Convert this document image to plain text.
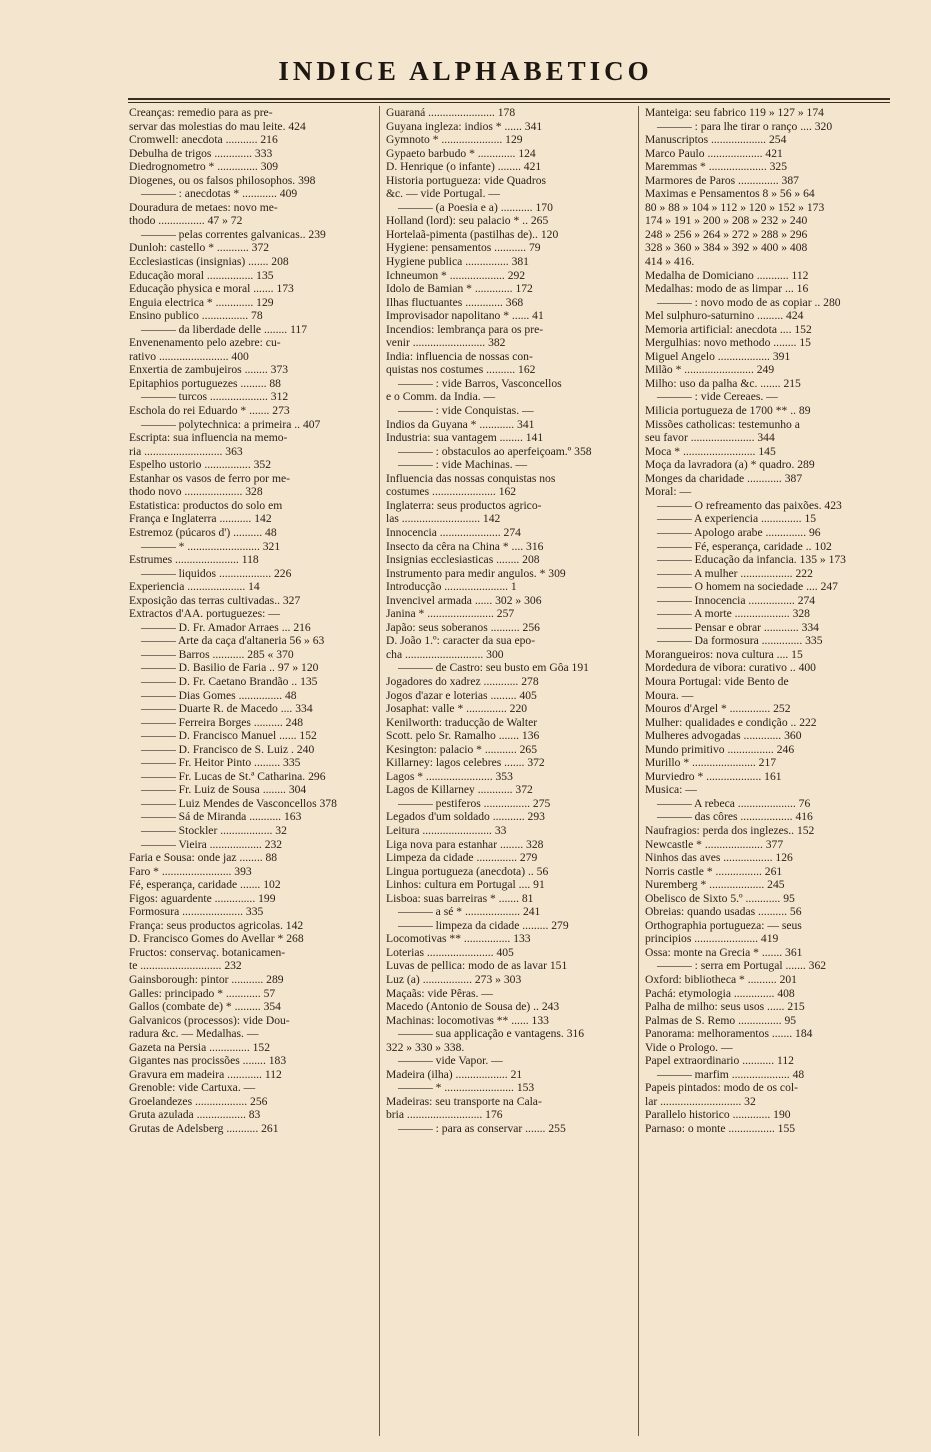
INDICE ALPHABETICO
Creanças: remedio para as pre-
servar das molestias do mau leite. 424
Cromwell: anecdota ........... 216
Debulha de trigos ............. 333
Diedrognometro * .............. 309
Diogenes, ou os falsos philosophos. 398
——— : anecdotas * ............ 409
Douradura de metaes: novo me-
thodo ................ 47 » 72
——— pelas correntes galvanicas.. 239
Dunloh: castello * ........... 372
Ecclesiasticas (insignias) ....... 208
Educação moral ................ 135
Educação physica e moral ....... 173
Enguia electrica * ............. 129
Ensino publico ................ 78
——— da liberdade delle ........ 117
Envenenamento pelo azebre: cu-
rativo ........................ 400
Enxertia de zambujeiros ........ 373
Epitaphios portuguezes ......... 88
——— turcos .................... 312
Eschola do rei Eduardo * ....... 273
——— polytechnica: a primeira .. 407
Escripta: sua influencia na memo-
ria ........................... 363
Espelho ustorio ................ 352
Estanhar os vasos de ferro por me-
thodo novo .................... 328
Estatistica: productos do solo em
França e Inglaterra ........... 142
Estremoz (púcaros d') .......... 48
——— * ......................... 321
Estrumes ...................... 118
——— liquidos .................. 226
Experiencia .................... 14
Exposição das terras cultivadas.. 327
Extractos d'AA. portuguezes: —
——— D. Fr. Amador Arraes ... 216
——— Arte da caça d'altaneria 56 » 63
——— Barros ........... 285 « 370
——— D. Basilio de Faria .. 97 » 120
——— D. Fr. Caetano Brandão .. 135
——— Dias Gomes ............... 48
——— Duarte R. de Macedo .... 334
——— Ferreira Borges .......... 248
——— D. Francisco Manuel ...... 152
——— D. Francisco de S. Luiz . 240
——— Fr. Heitor Pinto ......... 335
——— Fr. Lucas de St.ª Catharina. 296
——— Fr. Luiz de Sousa ........ 304
——— Luiz Mendes de Vasconcellos 378
——— Sá de Miranda ........... 163
——— Stockler .................. 32
——— Vieira .................. 232
Faria e Sousa: onde jaz ........ 88
Faro * ........................ 393
Fé, esperança, caridade ....... 102
Figos: aguardente .............. 199
Formosura ..................... 335
França: seus productos agricolas. 142
D. Francisco Gomes do Avellar * 268
Fructos: conservaç. botanicamen-
te ............................ 232
Gainsborough: pintor ........... 289
Galles: principado * ............ 57
Gallos (combate de) * ......... 354
Galvanicos (processos): vide Dou-
radura &c. — Medalhas. —
Gazeta na Persia .............. 152
Gigantes nas procissões ........ 183
Gravura em madeira ............ 112
Grenoble: vide Cartuxa. —
Groelandezes .................. 256
Gruta azulada ................. 83
Grutas de Adelsberg ........... 261
Guaraná ....................... 178
Guyana ingleza: indios * ...... 341
Gymnoto * ..................... 129
Gypaeto barbudo * ............. 124
D. Henrique (o infante) ........ 421
Historia portugueza: vide Quadros
&c. — vide Portugal. —
——— (a Poesia e a) ........... 170
Holland (lord): seu palacio * .. 265
Hortelaã-pimenta (pastilhas de).. 120
Hygiene: pensamentos ........... 79
Hygiene publica ............... 381
Ichneumon * ................... 292
Idolo de Bamian * ............. 172
Ilhas fluctuantes ............. 368
Improvisador napolitano * ...... 41
Incendios: lembrança para os pre-
venir ......................... 382
India: influencia de nossas con-
quistas nos costumes .......... 162
——— : vide Barros, Vasconcellos
e o Comm. da India. —
——— : vide Conquistas. —
Indios da Guyana * ............ 341
Industria: sua vantagem ........ 141
——— : obstaculos ao aperfeiçoam.º 358
——— : vide Machinas. —
Influencia das nossas conquistas nos
costumes ...................... 162
Inglaterra: seus productos agrico-
las ........................... 142
Innocencia ..................... 274
Insecto da cêra na China * .... 316
Insignias ecclesiasticas ........ 208
Instrumento para medir angulos. * 309
Introducção ...................... 1
Invencivel armada ...... 302 » 306
Janina * ....................... 257
Japão: seus soberanos .......... 256
D. João 1.º: caracter da sua epo-
cha ........................... 300
——— de Castro: seu busto em Gôa 191
Jogadores do xadrez ............ 278
Jogos d'azar e loterias ......... 405
Josaphat: valle * .............. 220
Kenilworth: traducção de Walter
Scott. pelo Sr. Ramalho ....... 136
Kesington: palacio * ........... 265
Killarney: lagos celebres ....... 372
Lagos * ....................... 353
Lagos de Killarney ............ 372
——— pestiferos ................ 275
Legados d'um soldado ........... 293
Leitura ........................ 33
Liga nova para estanhar ........ 328
Limpeza da cidade .............. 279
Lingua portugueza (anecdota) .. 56
Linhos: cultura em Portugal .... 91
Lisboa: suas barreiras * ....... 81
——— a sé * ................... 241
——— limpeza da cidade ......... 279
Locomotivas ** ................ 133
Loterias ....................... 405
Luvas de pellica: modo de as lavar 151
Luz (a) ................. 273 » 303
Maçaãs: vide Pêras. —
Macedo (Antonio de Sousa de) .. 243
Machinas: locomotivas ** ...... 133
——— sua applicação e vantagens. 316
322 » 330 » 338.
——— vide Vapor. —
Madeira (ilha) .................. 21
——— * ........................ 153
Madeiras: seu transporte na Cala-
bria .......................... 176
——— : para as conservar ....... 255
Manteiga: seu fabrico 119 » 127 » 174
——— : para lhe tirar o ranço .... 320
Manuscriptos ................... 254
Marco Paulo ................... 421
Maremmas * .................... 325
Marmores de Paros .............. 387
Maximas e Pensamentos 8 » 56 » 64
80 » 88 » 104 » 112 » 120 » 152 » 173
174 » 191 » 200 » 208 » 232 » 240
248 » 256 » 264 » 272 » 288 » 296
328 » 360 » 384 » 392 » 400 » 408
414 » 416.
Medalha de Domiciano ........... 112
Medalhas: modo de as limpar ... 16
——— : novo modo de as copiar .. 280
Mel sulphuro-saturnino ......... 424
Memoria artificial: anecdota .... 152
Mergulhias: novo methodo ........ 15
Miguel Angelo .................. 391
Milão * ........................ 249
Milho: uso da palha &c. ....... 215
——— : vide Cereaes. —
Milicia portugueza de 1700 ** .. 89
Missões catholicas: testemunho a
seu favor ...................... 344
Moca * ......................... 145
Moça da lavradora (a) * quadro. 289
Monges da charidade ............ 387
Moral: —
——— O refreamento das paixões. 423
——— A experiencia .............. 15
——— Apologo arabe .............. 96
——— Fé, esperança, caridade .. 102
——— Educação da infancia. 135 » 173
——— A mulher .................. 222
——— O homem na sociedade .... 247
——— Innocencia ................ 274
——— A morte ................... 328
——— Pensar e obrar ............ 334
——— Da formosura .............. 335
Morangueiros: nova cultura .... 15
Mordedura de vibora: curativo .. 400
Moura Portugal: vide Bento de
Moura. —
Mouros d'Argel * .............. 252
Mulher: qualidades e condição .. 222
Mulheres advogadas ............. 360
Mundo primitivo ................ 246
Murillo * ...................... 217
Murviedro * ................... 161
Musica: —
——— A rebeca .................... 76
——— das côres .................. 416
Naufragios: perda dos inglezes.. 152
Newcastle * .................... 377
Ninhos das aves ................. 126
Norris castle * ................ 261
Nuremberg * ................... 245
Obelisco de Sixto 5.º ............ 95
Obreias: quando usadas .......... 56
Orthographia portugueza: — seus
principios ...................... 419
Ossa: monte na Grecia * ....... 361
——— : serra em Portugal ....... 362
Oxford: bibliotheca * .......... 201
Pachá: etymologia .............. 408
Palha de milho: seus usos ...... 215
Palmas de S. Remo ............... 95
Panorama: melhoramentos ....... 184
Vide o Prologo. —
Papel extraordinario ........... 112
——— marfim .................... 48
Papeis pintados: modo de os col-
lar ............................ 32
Parallelo historico ............. 190
Parnaso: o monte ................ 155
